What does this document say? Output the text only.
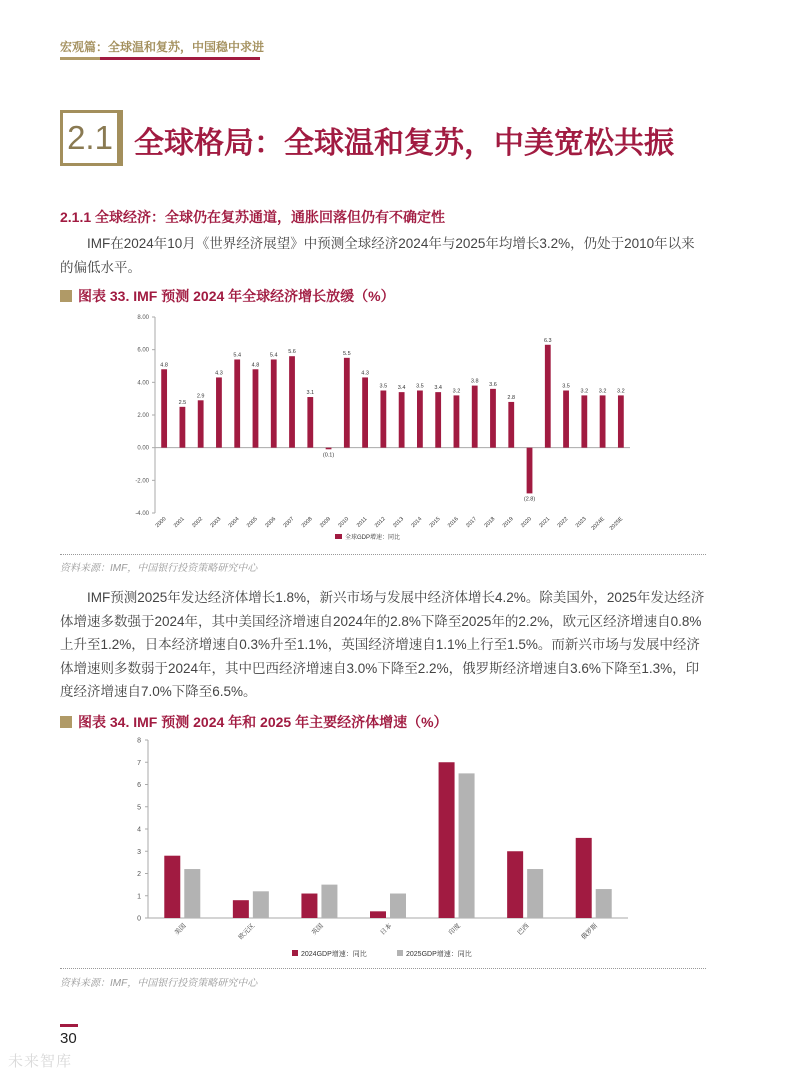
宏观篇：全球温和复苏，中国稳中求进
2.1 全球格局：全球温和复苏，中美宽松共振
2.1.1 全球经济：全球仍在复苏通道，通胀回落但仍有不确定性

IMF在2024年10月《世界经济展望》中预测全球经济2024年与2025年均增长3.2%，仍处于2010年以来的偏低水平。

图表 33. IMF 预测 2024 年全球经济增长放缓（%）
8.00
6.00
4.00
2.00
0.00
-2.00
-4.00
4.8
2000
2.5
2001
2.9
2002
4.3
2003
5.4
2004
4.8
2005
5.4
2006
5.6
2007
3.1
2008
(0.1)
2009
5.5
2010
4.3
2011
3.5
2012
3.4
2013
3.5
2014
3.4
2015
3.2
2016
3.8
2017
3.6
2018
2.8
2019
(2.8)
2020
6.3
2021
3.5
2022
3.2
2023
3.2
2024E
3.2
2025E
全球GDP增速：同比
资料来源：IMF，中国银行投资策略研究中心

IMF预测2025年发达经济体增长1.8%，新兴市场与发展中经济体增长4.2%。除美国外，2025年发达经济体增速多数强于2024年，其中美国经济增速自2024年的2.8%下降至2025年的2.2%，欧元区经济增速自0.8%上升至1.2%，日本经济增速自0.3%升至1.1%，英国经济增速自1.1%上行至1.5%。而新兴市场与发展中经济体增速则多数弱于2024年，其中巴西经济增速自3.0%下降至2.2%，俄罗斯经济增速自3.6%下降至1.3%，印度经济增速自7.0%下降至6.5%。

图表 34. IMF 预测 2024 年和 2025 年主要经济体增速（%）
8
7
6
5
4
3
2
1
0
美国	欧元区	英国	日本	印度	巴西	俄罗斯
2024GDP增速：同比	2025GDP增速：同比
资料来源：IMF，中国银行投资策略研究中心
30
未来智库
